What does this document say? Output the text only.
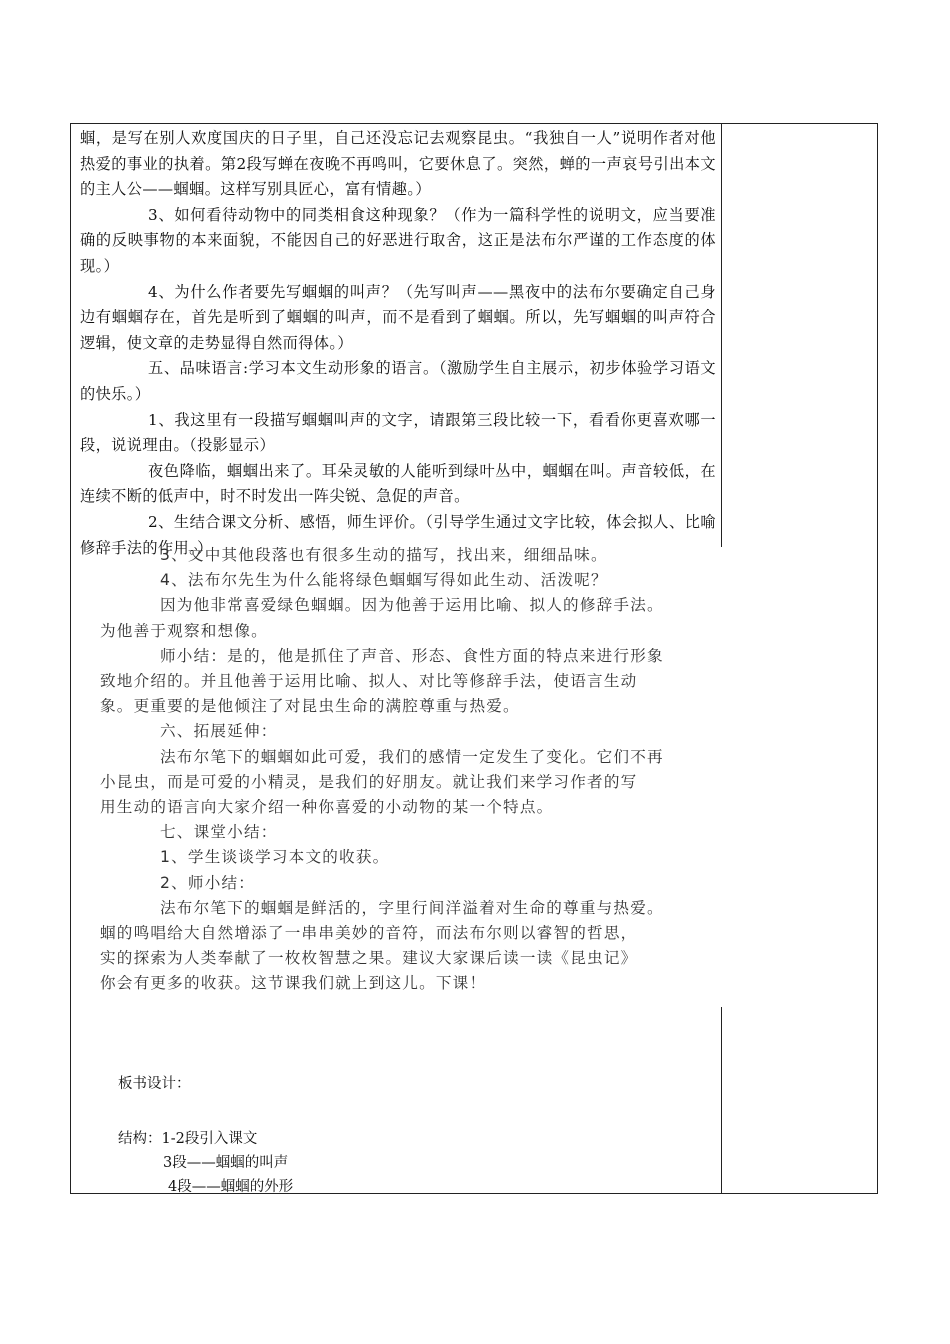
蝈，是写在别人欢度国庆的日子里，自己还没忘记去观察昆虫。“我独自一人”说明作者对他热爱的事业的执着。第2段写蝉在夜晚不再鸣叫，它要休息了。突然，蝉的一声哀号引出本文的主人公——蝈蝈。这样写别具匠心，富有情趣。）

3、如何看待动物中的同类相食这种现象？（作为一篇科学性的说明文，应当要准确的反映事物的本来面貌，不能因自己的好恶进行取舍，这正是法布尔严谨的工作态度的体现。）

4、为什么作者要先写蝈蝈的叫声？（先写叫声——黑夜中的法布尔要确定自己身边有蝈蝈存在，首先是听到了蝈蝈的叫声，而不是看到了蝈蝈。所以，先写蝈蝈的叫声符合逻辑，使文章的走势显得自然而得体。）

五、品味语言:学习本文生动形象的语言。（激励学生自主展示，初步体验学习语文的快乐。）

1、我这里有一段描写蝈蝈叫声的文字，请跟第三段比较一下，看看你更喜欢哪一段，说说理由。（投影显示）

夜色降临，蝈蝈出来了。耳朵灵敏的人能听到绿叶丛中，蝈蝈在叫。声音较低，在连续不断的低声中，时不时发出一阵尖锐、急促的声音。

2、生结合课文分析、感悟，师生评价。（引导学生通过文字比较，体会拟人、比喻修辞手法的作用。）

3、文中其他段落也有很多生动的描写，找出来，细细品味。

4、法布尔先生为什么能将绿色蝈蝈写得如此生动、活泼呢？

因为他非常喜爱绿色蝈蝈。因为他善于运用比喻、拟人的修辞手法。

为他善于观察和想像。

师小结：是的，他是抓住了声音、形态、食性方面的特点来进行形象

致地介绍的。并且他善于运用比喻、拟人、对比等修辞手法，使语言生动

象。更重要的是他倾注了对昆虫生命的满腔尊重与热爱。

六、拓展延伸：

法布尔笔下的蝈蝈如此可爱，我们的感情一定发生了变化。它们不再

小昆虫，而是可爱的小精灵，是我们的好朋友。就让我们来学习作者的写

用生动的语言向大家介绍一种你喜爱的小动物的某一个特点。

七、课堂小结：

1、学生谈谈学习本文的收获。

2、师小结：

法布尔笔下的蝈蝈是鲜活的，字里行间洋溢着对生命的尊重与热爱。

蝈的鸣唱给大自然增添了一串串美妙的音符，而法布尔则以睿智的哲思，

实的探索为人类奉献了一枚枚智慧之果。建议大家课后读一读《昆虫记》

你会有更多的收获。这节课我们就上到这儿。下课！

板书设计：
结构：1-2段引入课文
3段——蝈蝈的叫声
4段——蝈蝈的外形
